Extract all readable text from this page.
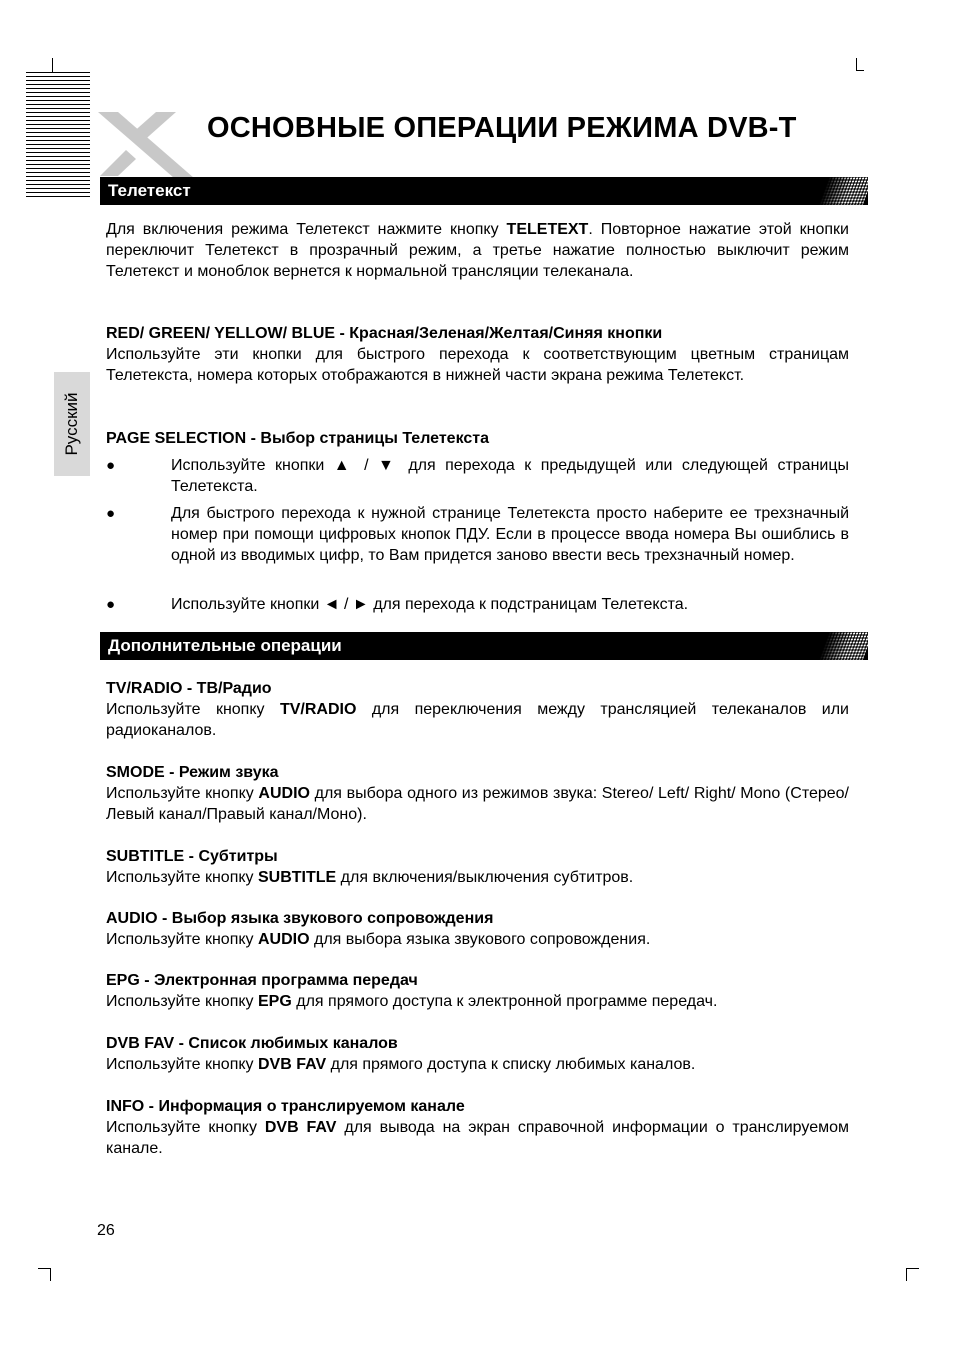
ОСНОВНЫЕ ОПЕРАЦИИ РЕЖИМА DVB-T
Русский
Телетекст

Для включения режима Телетекст нажмите кнопку TELETEXT. Повторное нажатие этой кнопки переключит Телетекст в прозрачный режим, а третье нажатие полностью выключит режим Телетекст и моноблок вернется к нормальной трансляции телеканала.

RED/ GREEN/ YELLOW/ BLUE - Красная/Зеленая/Желтая/Синяя кнопки

Используйте эти кнопки для быстрого перехода к соответствующим цветным страницам Телетекста, номера которых отображаются в нижней части экрана режима Телетекст.

PAGE SELECTION - Выбор страницы Телетекста

●	Используйте кнопки ▲ / ▼ для перехода к предыдущей или следующей страницы Телетекста.

●	Для быстрого перехода к нужной странице Телетекста просто наберите ее трехзначный номер при помощи цифровых кнопок ПДУ. Если в процессе ввода номера Вы ошиблись в одной из вводимых цифр, то Вам придется заново ввести весь трехзначный номер.

●	Используйте кнопки ◄ / ► для перехода к подстраницам Телетекста.

Дополнительные операции

TV/RADIO - ТВ/Радио

Используйте кнопку TV/RADIO для переключения между трансляцией телеканалов или радиоканалов.

SMODE - Режим звука

Используйте кнопку AUDIO для выбора одного из режимов звука: Stereo/ Left/ Right/ Mono (Стерео/Левый канал/Правый канал/Моно).

SUBTITLE - Субтитры

Используйте кнопку SUBTITLE для включения/выключения субтитров.

AUDIO - Выбор языка звукового сопровождения

Используйте кнопку AUDIO для выбора языка звукового сопровождения.

EPG - Электронная программа передач

Используйте кнопку EPG для прямого доступа к электронной программе передач.

DVB FAV - Список любимых каналов

Используйте кнопку DVB FAV для прямого доступа к списку любимых каналов.

INFO - Информация о транслируемом канале

Используйте кнопку DVB FAV для вывода на экран справочной информации о транслируемом канале.

26
